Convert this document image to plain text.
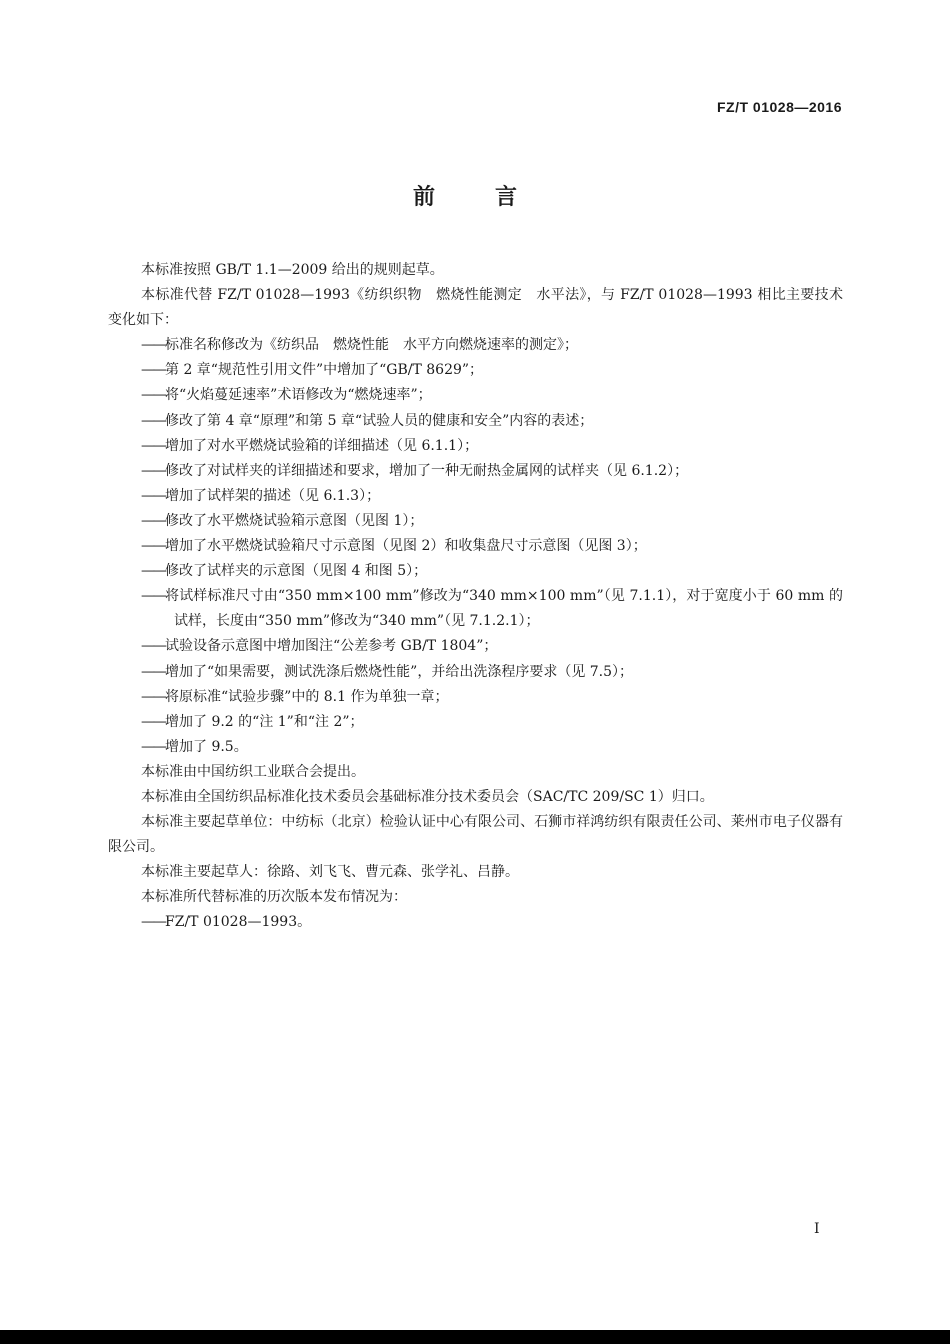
FZ/T 01028—2016
前言

本标准按照 GB/T 1.1—2009 给出的规则起草。

本标准代替 FZ/T 01028—1993《纺织织物　燃烧性能测定　水平法》，与 FZ/T 01028—1993 相比主要技术变化如下：

——标准名称修改为《纺织品　燃烧性能　水平方向燃烧速率的测定》；

——第 2 章“规范性引用文件”中增加了“GB/T 8629”；

——将“火焰蔓延速率”术语修改为“燃烧速率”；

——修改了第 4 章“原理”和第 5 章“试验人员的健康和安全”内容的表述；

——增加了对水平燃烧试验箱的详细描述（见 6.1.1）；

——修改了对试样夹的详细描述和要求，增加了一种无耐热金属网的试样夹（见 6.1.2）；

——增加了试样架的描述（见 6.1.3）；

——修改了水平燃烧试验箱示意图（见图 1）；

——增加了水平燃烧试验箱尺寸示意图（见图 2）和收集盘尺寸示意图（见图 3）；

——修改了试样夹的示意图（见图 4 和图 5）；

——将试样标准尺寸由“350 mm×100 mm”修改为“340 mm×100 mm”（见 7.1.1），对于宽度小于 60 mm 的试样，长度由“350 mm”修改为“340 mm”（见 7.1.2.1）；

——试验设备示意图中增加图注“公差参考 GB/T 1804”；

——增加了“如果需要，测试洗涤后燃烧性能”，并给出洗涤程序要求（见 7.5）；

——将原标准“试验步骤”中的 8.1 作为单独一章；

——增加了 9.2 的“注 1”和“注 2”；

——增加了 9.5。

本标准由中国纺织工业联合会提出。

本标准由全国纺织品标准化技术委员会基础标准分技术委员会（SAC/TC 209/SC 1）归口。

本标准主要起草单位：中纺标（北京）检验认证中心有限公司、石狮市祥鸿纺织有限责任公司、莱州市电子仪器有限公司。

本标准主要起草人：徐路、刘飞飞、曹元森、张学礼、吕静。

本标准所代替标准的历次版本发布情况为：

——FZ/T 01028—1993。

I
